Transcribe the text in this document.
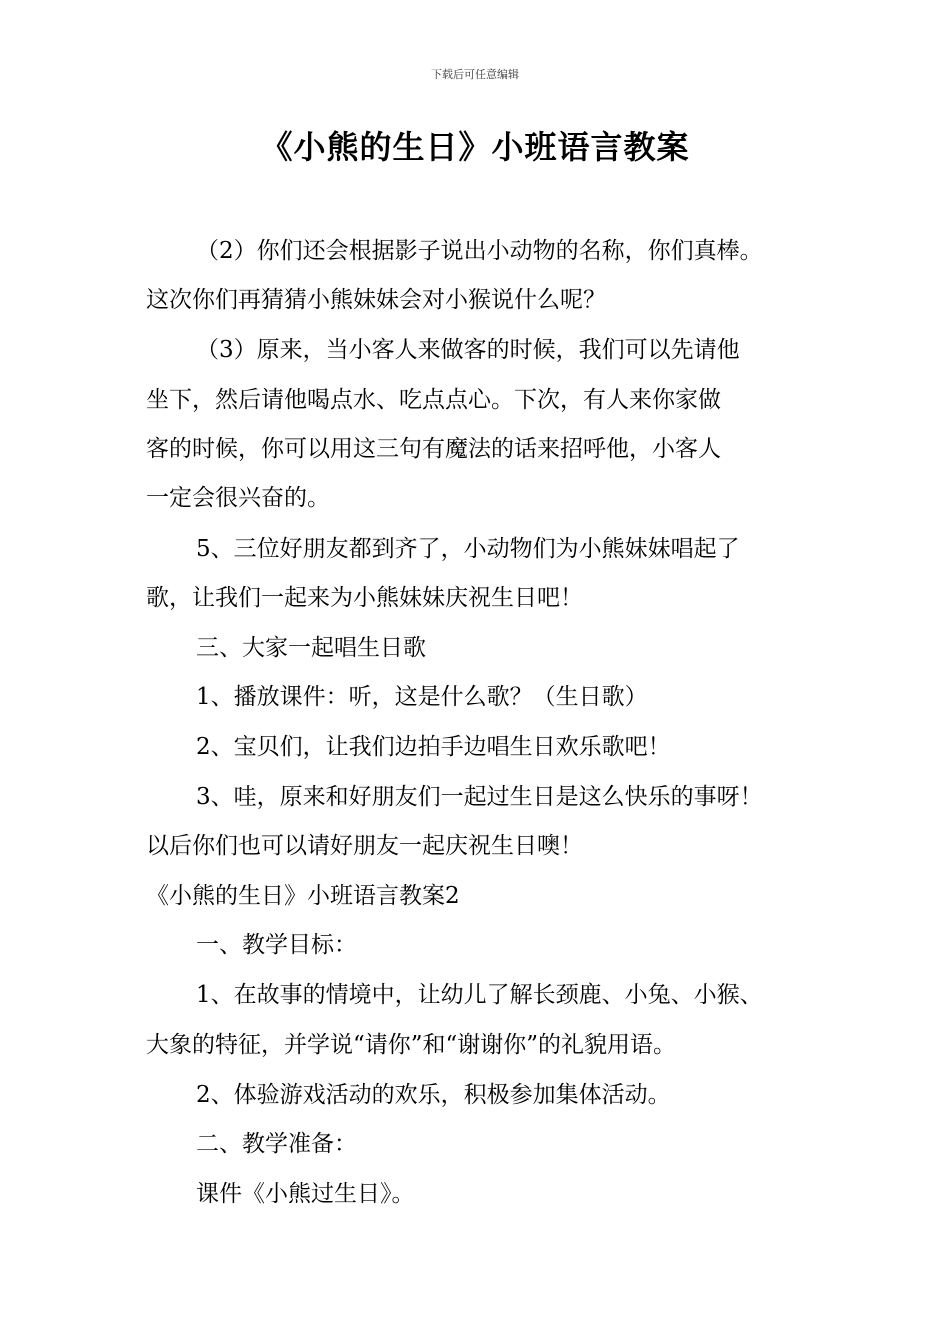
下载后可任意编辑
《小熊的生日》小班语言教案
（2）你们还会根据影子说出小动物的名称，你们真棒。
这次你们再猜猜小熊妹妹会对小猴说什么呢？
（3）原来，当小客人来做客的时候，我们可以先请他
坐下，然后请他喝点水、吃点点心。下次，有人来你家做
客的时候，你可以用这三句有魔法的话来招呼他，小客人
一定会很兴奋的。
5、三位好朋友都到齐了，小动物们为小熊妹妹唱起了
歌，让我们一起来为小熊妹妹庆祝生日吧！
三、大家一起唱生日歌
1、播放课件：听，这是什么歌？（生日歌）
2、宝贝们，让我们边拍手边唱生日欢乐歌吧！
3、哇，原来和好朋友们一起过生日是这么快乐的事呀！
以后你们也可以请好朋友一起庆祝生日噢！
《小熊的生日》小班语言教案2
一、教学目标：
1、在故事的情境中，让幼儿了解长颈鹿、小兔、小猴、
大象的特征，并学说“请你”和“谢谢你”的礼貌用语。
2、体验游戏活动的欢乐，积极参加集体活动。
二、教学准备：
课件《小熊过生日》。
